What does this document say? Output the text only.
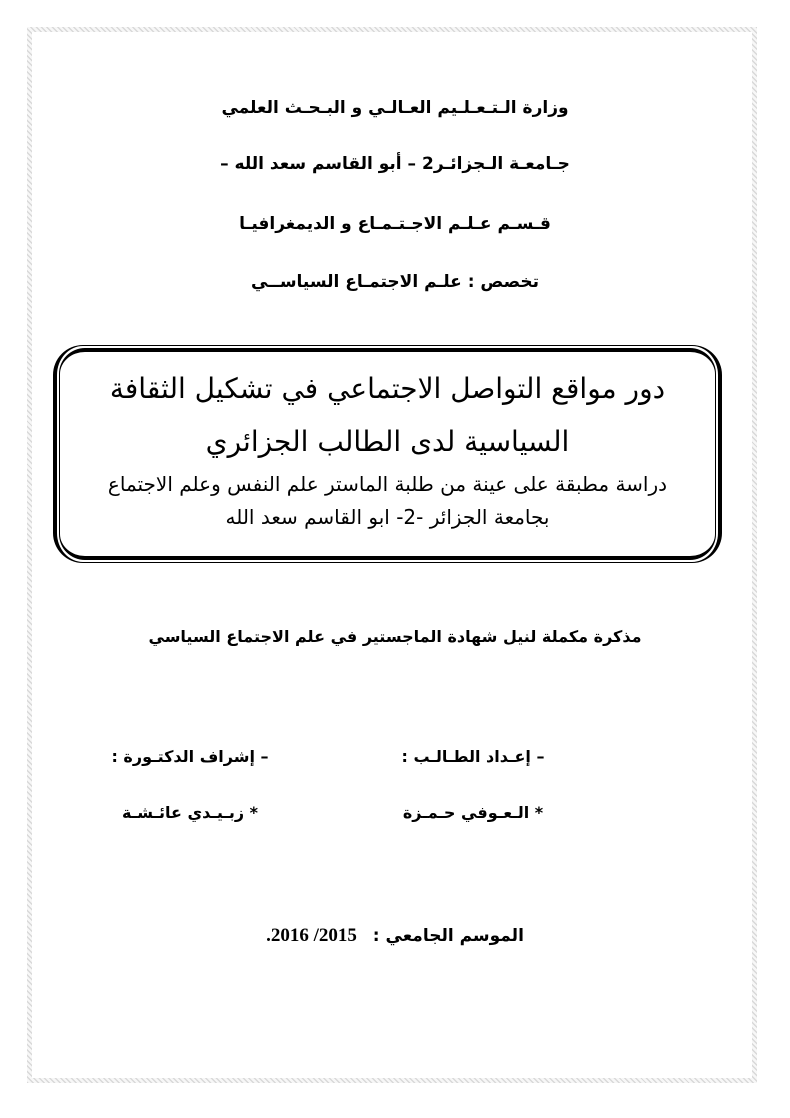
وزارة الـتـعـلـيم العـالـي و البـحـث العلمي
جـامعـة الـجزائـر2 – أبو القاسم سعد الله –
قـسـم عـلـم الاجـتـمـاع و الديمغرافيـا
تخصص : علـم الاجتمـاع السياســي
دور مواقع التواصل الاجتماعي في تشكيل الثقافة
السياسية لدى الطالب الجزائري
دراسة مطبقة على عينة من طلبة الماستر علم النفس وعلم الاجتماع
بجامعة الجزائر -2- ابو القاسم سعد الله
مذكرة مكملة لنيل شهادة الماجستير في علم الاجتماع السياسي
– إعـداد الطـالـب :
* الـعـوفي حـمـزة
– إشراف الدكتـورة :
* زبـيـدي عائـشـة
الموسم الجامعي : 2015/ 2016.
